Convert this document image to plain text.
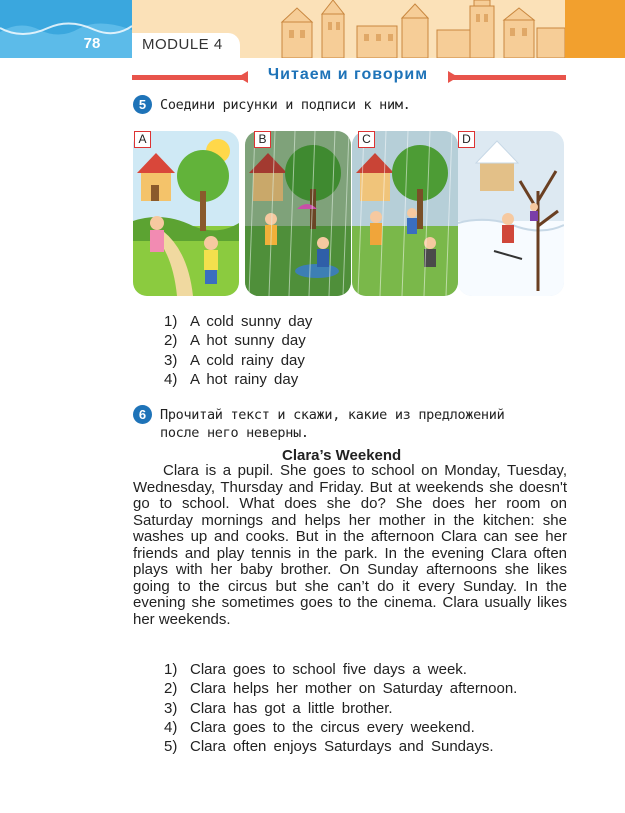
78	MODULE 4
Читаем и говорим
5	Соедини рисунки и подписи к ним.
A	B	C	D
1) A cold sunny day
2) A hot sunny day
3) A cold rainy day
4) A hot rainy day
6	Прочитай текст и скажи, какие из предложений
после него неверны.
Clara’s Weekend
Clara is a pupil. She goes to school on Monday, Tuesday, Wednesday, Thursday and Friday. But at weekends she doesn't go to school. What does she do? She does her room on Saturday mornings and helps her mother in the kitchen: she washes up and cooks. But in the afternoon Clara can see her friends and play tennis in the park. In the evening Clara often plays with her baby brother. On Sunday afternoons she likes going to the circus but she can’t do it every Sunday. In the evening she sometimes goes to the cinema. Clara usually likes her weekends.
1) Clara goes to school five days a week.
2) Clara helps her mother on Saturday afternoon.
3) Clara has got a little brother.
4) Clara goes to the circus every weekend.
5) Clara often enjoys Saturdays and Sundays.
